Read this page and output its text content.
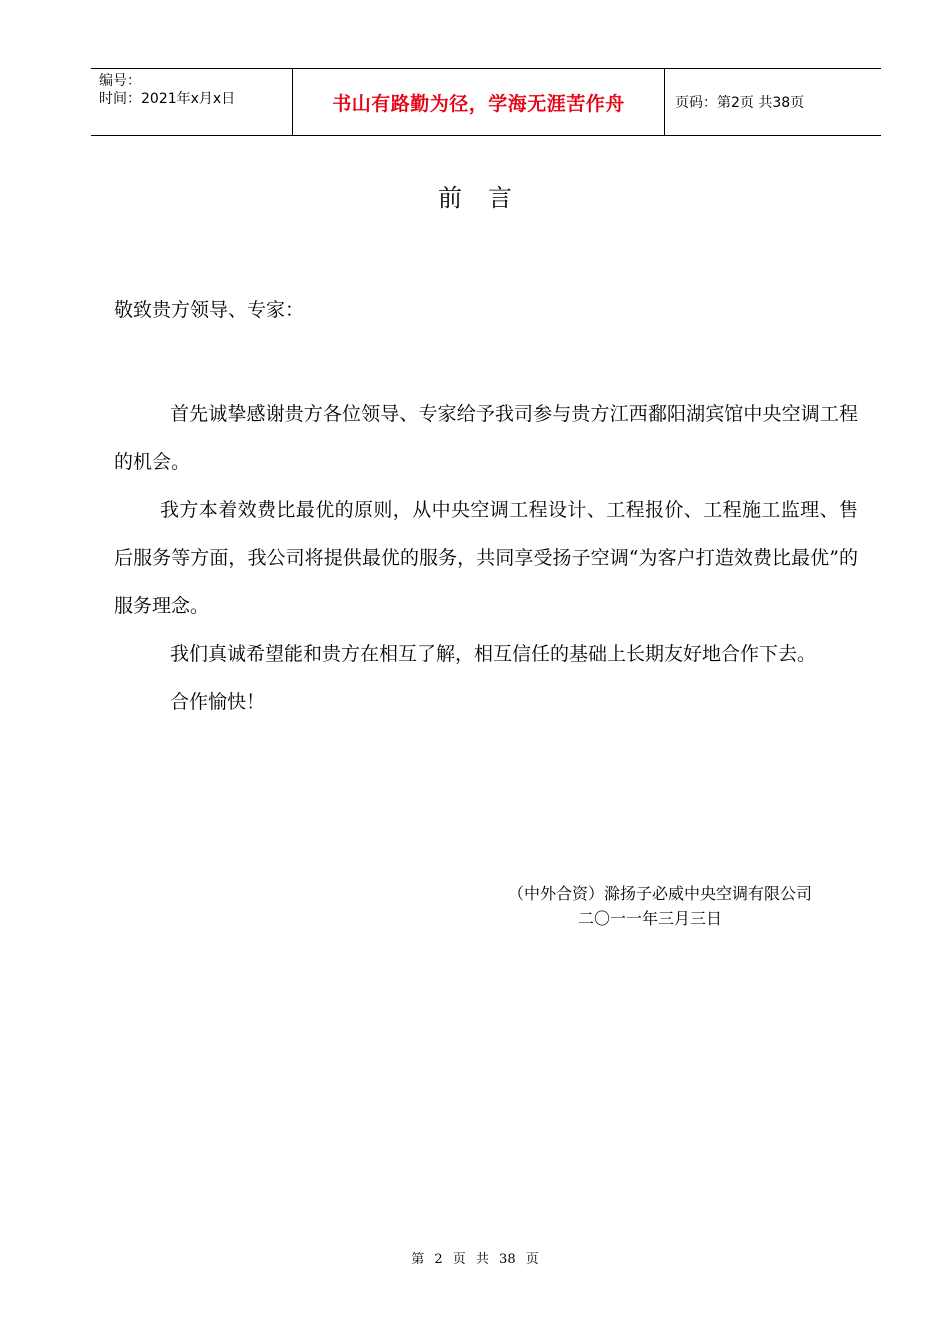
编号：
时间：2021年x月x日	书山有路勤为径，学海无涯苦作舟	页码：第2页 共38页
前言
敬致贵方领导、专家：

首先诚挚感谢贵方各位领导、专家给予我司参与贵方江西鄱阳湖宾馆中央空调工程的机会。

我方本着效费比最优的原则，从中央空调工程设计、工程报价、工程施工监理、售后服务等方面，我公司将提供最优的服务，共同享受扬子空调“为客户打造效费比最优”的服务理念。

我们真诚希望能和贵方在相互了解，相互信任的基础上长期友好地合作下去。

合作愉快！

（中外合资）滁扬子必威中央空调有限公司
二〇一一年三月三日
第 2 页 共 38 页
